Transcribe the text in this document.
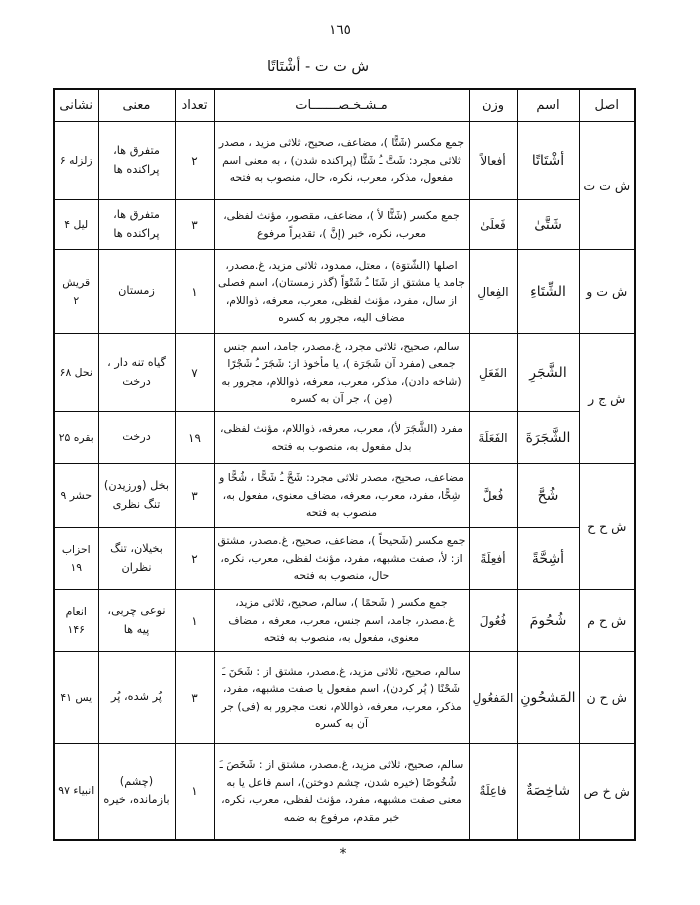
١٦٥
ش ت ت - أشْتَاتًا
اصل	اسم	وزن	مـشـخـصـــــــات	تعداد	معنى	نشانى
ش ت ت	أشْتَاتًا	أفعالاً	جمع مكسر (شَتًّا )، مضاعف، صحيح، ثلاثى مزيد ، مصدر ثلاثى مجرد: شَتَّ ـُ شَتًّا (پراكنده شدن) ، به معنى اسم مفعول، مذكر، معرب، نكره، حال، منصوب به فتحه	۲	متفرق ها، پراكنده ها	زلزله ۶
	شَتَّىٰ	فَعلَىٰ	جمع مكسر (شَتًّا لأ )، مضاعف، مقصور، مؤنث لفظى، معرب، نكره، خبر (إنَّ )، تقديراً مرفوع	۳	متفرق ها، پراكنده ها	ليل ۴
ش ت و	الشِّتَاءِ	الفِعالِ	اصلها (الشّتوَة) ، معتل، ممدود، ثلاثى مزيد، غ.مصدر، جامد يا مشتق از شَتَا ـُ شَتْوَاً (گذر زمستان)، اسم فصلى از سال، مفرد، مؤنث لفظى، معرب، معرفه، ذواللام، مضاف اليه، مجرور به كسره	۱	زمستان	قريش ۲
ش ج ر	الشَّجَرِ	الفَعَلِ	سالم، صحيح، ثلاثى مجرد، غ.مصدر، جامد، اسم جنس جمعى (مفرد آن شَجَرَة )، يا مأخوذ از: شَجَرَ ـُ شَجْرًا (شاخه دادن)، مذكر، معرب، معرفه، ذواللام، مجرور به (مِن )، جر آن به كسره	۷	گياه تنه دار ، درخت	نحل ۶۸
	الشَّجَرَةَ	الفَعَلَةَ	مفرد (الشَّجَرَ لأ)، معرب، معرفه، ذواللام، مؤنث لفظى، بدل مفعول به، منصوب به فتحه	۱۹	درخت	بقره ۲۵
ش ح ح	شُحَّ	فُعلَّ	مضاعف، صحيح، مصدر ثلاثى مجرد: شَحَّ ـُ شَحًّا ، شُحًّا و شِحًّا، مفرد، معرب، معرفه، مضاف معنوى، مفعول به، منصوب به فتحه	۳	بخل (ورزيدن) تنگ نظرى	حشر ۹
	أشِحَّةً	أفعِلَةً	جمع مكسر (شَحيحاً )، مضاعف، صحيح، غ.مصدر، مشتق از: لأ، صفت مشبهه، مفرد، مؤنث لفظى، معرب، نكره، حال، منصوب به فتحه	۲	بخيلان، تنگ نظران	احزاب ۱۹
ش ح م	شُحُومَ	فُعُولَ	جمع مكسر ( شَحمًا )، سالم، صحيح، ثلاثى مزيد، غ.مصدر، جامد، اسم جنس، معرب، معرفه ، مضاف معنوى، مفعول به، منصوب به فتحه	۱	نوعى چربى، پيه ها	انعام ۱۴۶
ش ح ن	المَشحُونِ	المَفعُولِ	سالم، صحيح، ثلاثى مزيد، غ.مصدر، مشتق از : شَحَنَ ـَ شَحْنًا ( پُر كردن)، اسم مفعول يا صفت مشبهه، مفرد، مذكر، معرب، معرفه، ذواللام، نعت مجرور به (فى) جر آن به كسره	۳	پُر شده، پُر	يس ۴۱
ش خ ص	شاخِصَةٌ	فاعِلَةٌ	سالم، صحيح، ثلاثى مزيد، غ.مصدر، مشتق از : شَخَصَ ـَ شُخُوصًا (خيره شدن، چشم دوختن)، اسم فاعل يا به معنى صفت مشبهه، مفرد، مؤنث لفظى، معرب، نكره، خبر مقدم، مرفوع به ضمه	۱	(چشم) بازمانده، خيره	انبياء ۹۷
*
